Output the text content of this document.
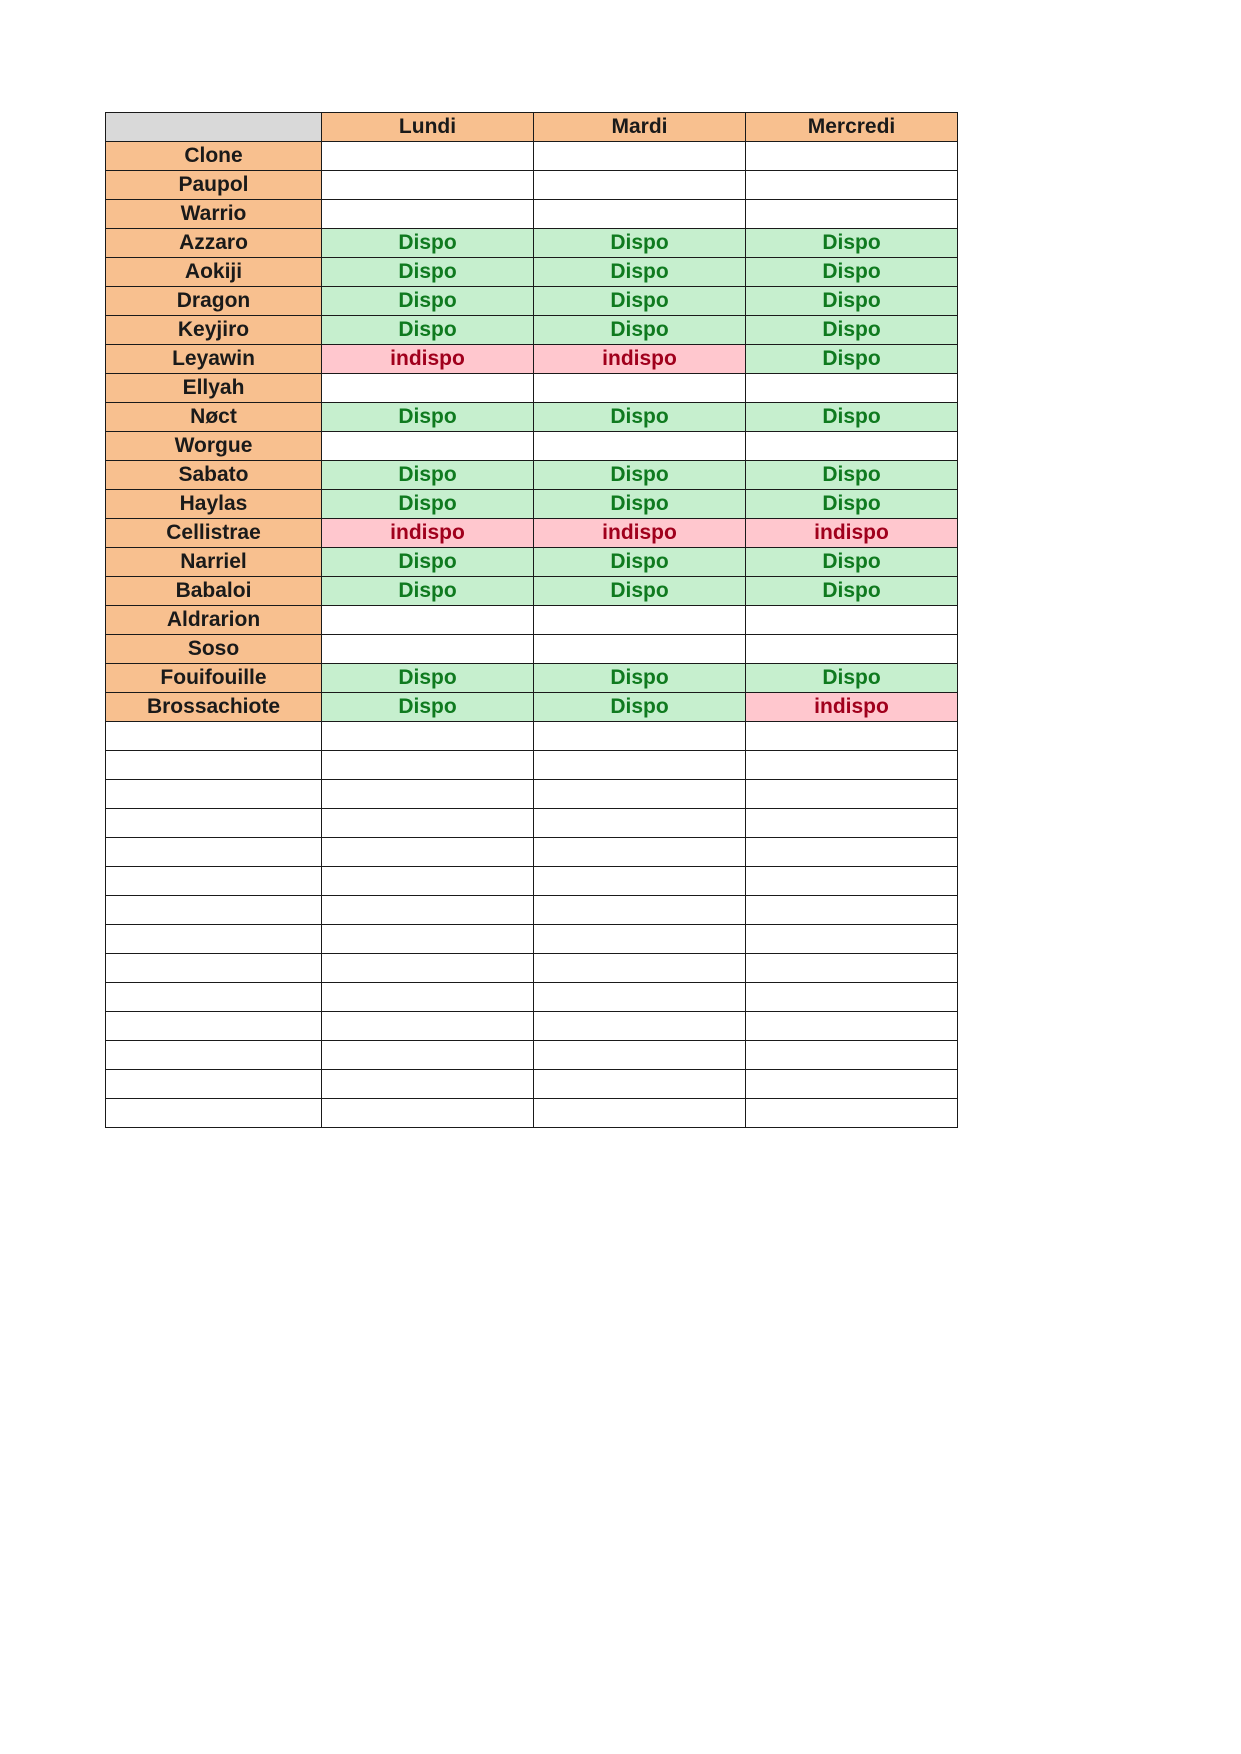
	Lundi	Mardi	Mercredi
Clone			
Paupol			
Warrio			
Azzaro	Dispo	Dispo	Dispo
Aokiji	Dispo	Dispo	Dispo
Dragon	Dispo	Dispo	Dispo
Keyjiro	Dispo	Dispo	Dispo
Leyawin	indispo	indispo	Dispo
Ellyah			
Nøct	Dispo	Dispo	Dispo
Worgue			
Sabato	Dispo	Dispo	Dispo
Haylas	Dispo	Dispo	Dispo
Cellistrae	indispo	indispo	indispo
Narriel	Dispo	Dispo	Dispo
Babaloi	Dispo	Dispo	Dispo
Aldrarion			
Soso			
Fouifouille	Dispo	Dispo	Dispo
Brossachiote	Dispo	Dispo	indispo
